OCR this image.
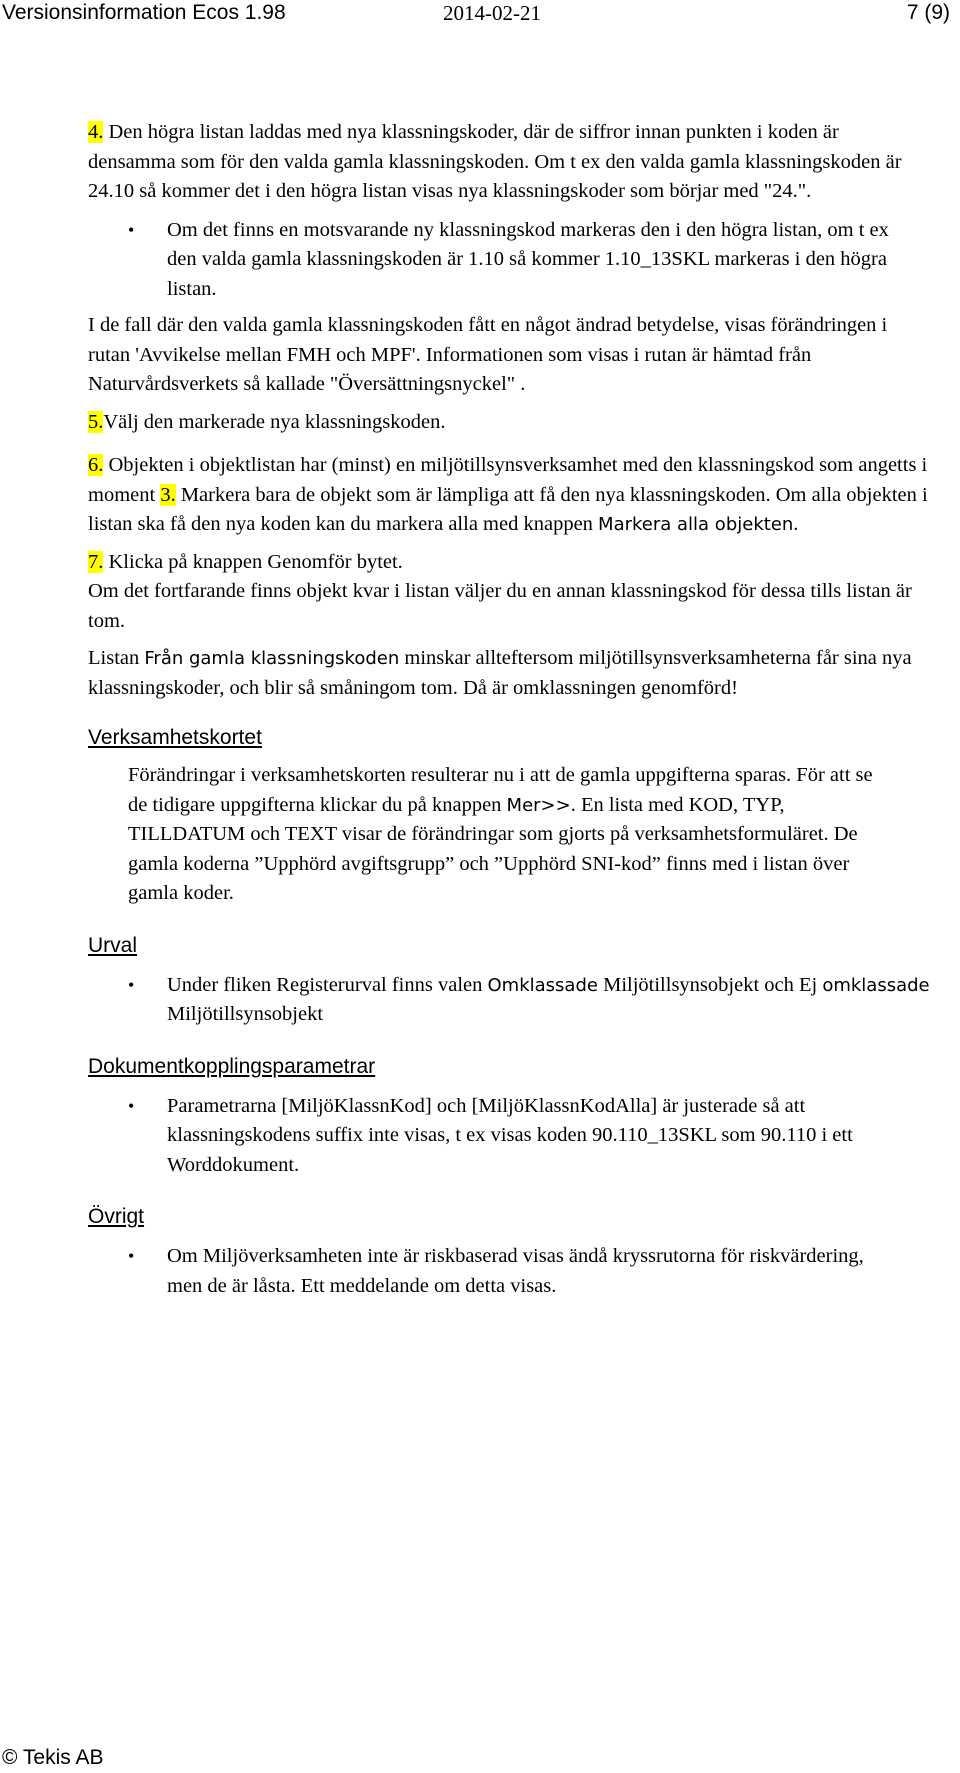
Versionsinformation Ecos 1.98	2014-02-21	7 (9)

4. Den högra listan laddas med nya klassningskoder, där de siffror innan punkten i koden är densamma som för den valda gamla klassningskoden. Om t ex den valda gamla klassningskoden är 24.10 så kommer det i den högra listan visas nya klassningskoder som börjar med "24.".

• Om det finns en motsvarande ny klassningskod markeras den i den högra listan, om t ex den valda gamla klassningskoden är 1.10 så kommer 1.10_13SKL markeras i den högra listan.

I de fall där den valda gamla klassningskoden fått en något ändrad betydelse, visas förändringen i rutan 'Avvikelse mellan FMH och MPF'. Informationen som visas i rutan är hämtad från Naturvårdsverkets så kallade "Översättningsnyckel" .

5.Välj den markerade nya klassningskoden.

6. Objekten i objektlistan har (minst) en miljötillsynsverksamhet med den klassningskod som angetts i moment 3. Markera bara de objekt som är lämpliga att få den nya klassningskoden. Om alla objekten i listan ska få den nya koden kan du markera alla med knappen Markera alla objekten.

7. Klicka på knappen Genomför bytet.

Om det fortfarande finns objekt kvar i listan väljer du en annan klassningskod för dessa tills listan är tom.

Listan Från gamla klassningskoden minskar allteftersom miljötillsynsverksamheterna får sina nya klassningskoder, och blir så småningom tom. Då är omklassningen genomförd!

Verksamhetskortet

Förändringar i verksamhetskorten resulterar nu i att de gamla uppgifterna sparas. För att se de tidigare uppgifterna klickar du på knappen Mer>>. En lista med KOD, TYP, TILLDATUM och TEXT visar de förändringar som gjorts på verksamhetsformuläret. De gamla koderna ”Upphörd avgiftsgrupp” och ”Upphörd SNI-kod” finns med i listan över gamla koder.

Urval
• Under fliken Registerurval finns valen Omklassade Miljötillsynsobjekt och Ej omklassade Miljötillsynsobjekt
Dokumentkopplingsparametrar
• Parametrarna [MiljöKlassnKod] och [MiljöKlassnKodAlla] är justerade så att klassningskodens suffix inte visas, t ex visas koden 90.110_13SKL som 90.110 i ett Worddokument.
Övrigt
• Om Miljöverksamheten inte är riskbaserad visas ändå kryssrutorna för riskvärdering, men de är låsta. Ett meddelande om detta visas.
© Tekis AB
